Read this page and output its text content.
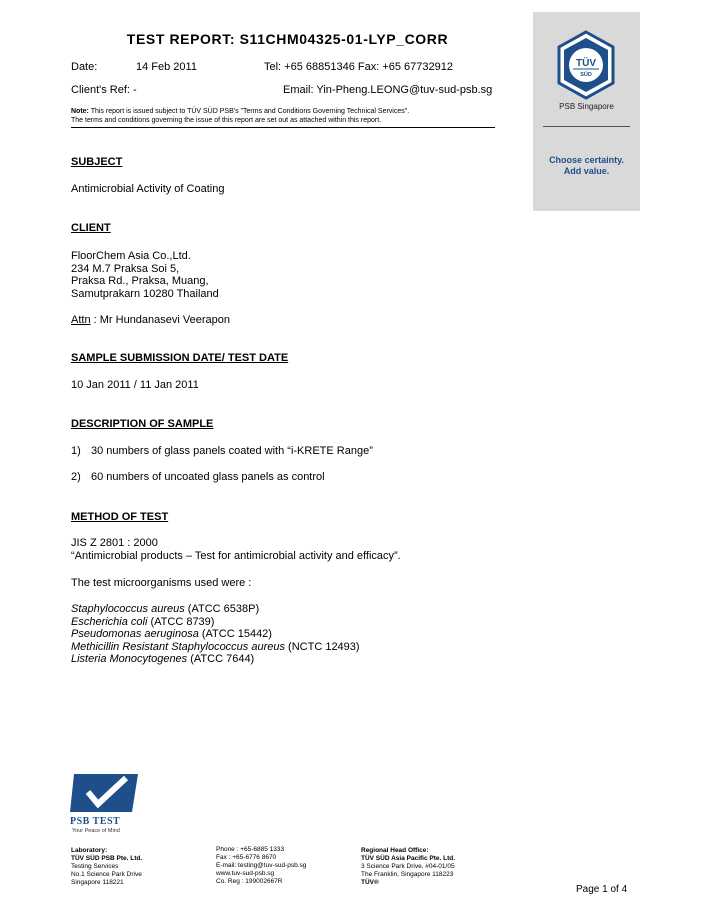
TEST REPORT: S11CHM04325-01-LYP_CORR
Date:	14 Feb 2011	Tel: +65 68851346 Fax: +65 67732912
Client's Ref: -	Email: Yin-Pheng.LEONG@tuv-sud-psb.sg
Note: This report is issued subject to TÜV SÜD PSB's "Terms and Conditions Governing Technical Services".
The terms and conditions governing the issue of this report are set out as attached within this report.
TÜV
SÜD
PSB Singapore
Choose certainty.
Add value.
SUBJECT
Antimicrobial Activity of Coating
CLIENT
FloorChem Asia Co.,Ltd.
234 M.7 Praksa Soi 5,
Praksa Rd., Praksa, Muang,
Samutprakarn 10280 Thailand
Attn : Mr Hundanasevi Veerapon
SAMPLE SUBMISSION DATE/ TEST DATE
10 Jan 2011 / 11 Jan 2011
DESCRIPTION OF SAMPLE
1) 30 numbers of glass panels coated with “i-KRETE Range”
2) 60 numbers of uncoated glass panels as control
METHOD OF TEST
JIS Z 2801 : 2000
“Antimicrobial products – Test for antimicrobial activity and efficacy”.
The test microorganisms used were :
Staphylococcus aureus (ATCC 6538P)
Escherichia coli (ATCC 8739)
Pseudomonas aeruginosa (ATCC 15442)
Methicillin Resistant Staphylococcus aureus (NCTC 12493)
Listeria Monocytogenes (ATCC 7644)
PSB TEST
Your Peace of Mind
Laboratory:
TÜV SÜD PSB Pte. Ltd.
Testing Services
No.1 Science Park Drive
Singapore 118221
Phone : +65-6885 1333
Fax : +65-6776 8670
E-mail: testing@tuv-sud-psb.sg
www.tuv-sud-psb.sg
Co. Reg : 199002667R
Regional Head Office:
TÜV SÜD Asia Pacific Pte. Ltd.
3 Science Park Drive, #04-01/05
The Franklin, Singapore 118223
TÜV®
Page 1 of 4
